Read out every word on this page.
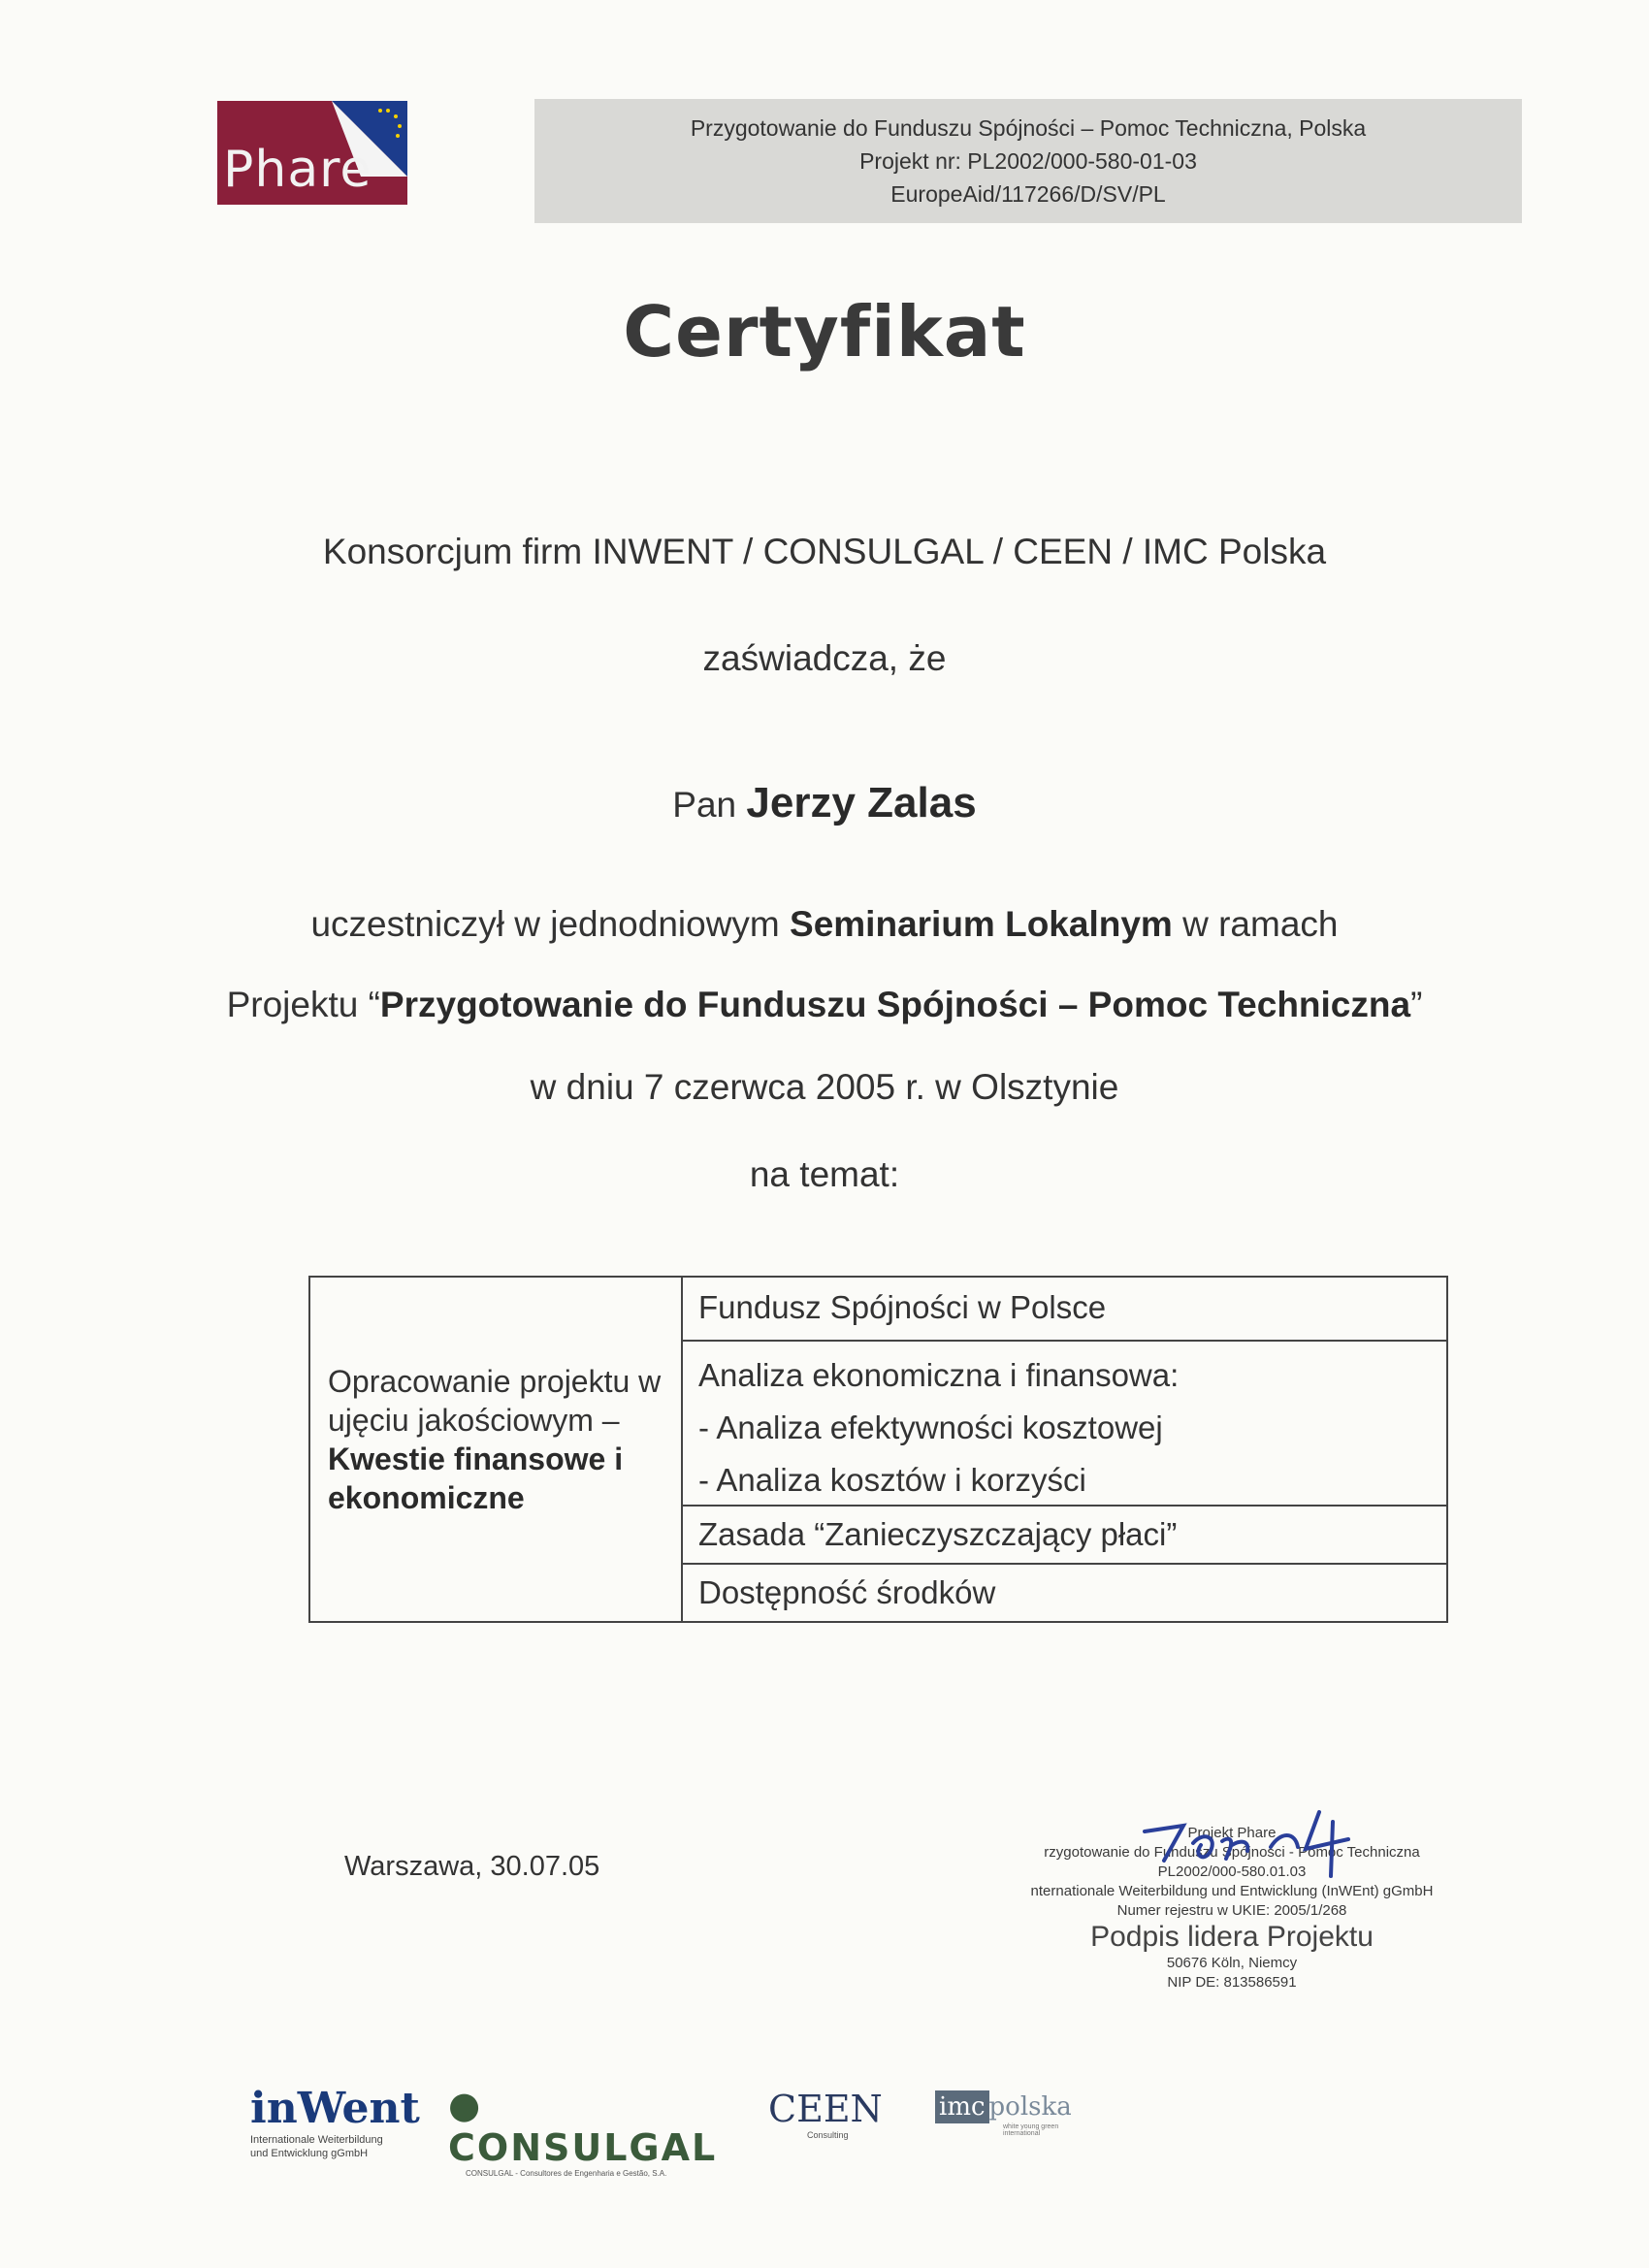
Phare
Przygotowanie do Funduszu Spójności – Pomoc Techniczna, Polska
Projekt nr: PL2002/000-580-01-03
EuropeAid/117266/D/SV/PL
Certyfikat
Konsorcjum firm INWENT / CONSULGAL / CEEN / IMC Polska
zaświadcza, że
Pan Jerzy Zalas
uczestniczył w jednodniowym Seminarium Lokalnym w ramach
Projektu “Przygotowanie do Funduszu Spójności – Pomoc Techniczna”
w dniu 7 czerwca 2005 r. w Olsztynie
na temat:
Opracowanie projektu w ujęciu jakościowym –
Kwestie finansowe i ekonomiczne
Fundusz Spójności w Polsce
Analiza ekonomiczna i finansowa:
- Analiza efektywności kosztowej
- Analiza kosztów i korzyści
Zasada “Zanieczyszczający płaci”
Dostępność środków
Warszawa, 30.07.05
Projekt Phare
rzygotowanie do Funduszu Spójności - Pomoc Techniczna
PL2002/000-580.01.03
nternationale Weiterbildung und Entwicklung (InWEnt) gGmbH
Numer rejestru w UKIE: 2005/1/268
Podpis lidera Projektu
50676 Köln, Niemcy
NIP DE: 813586591
inWent
Internationale Weiterbildung
und Entwicklung gGmbH
● CONSULGAL
CONSULGAL - Consultores de Engenharia e Gestão, S.A.
CEEN
Consulting
imc polska
white young green international
